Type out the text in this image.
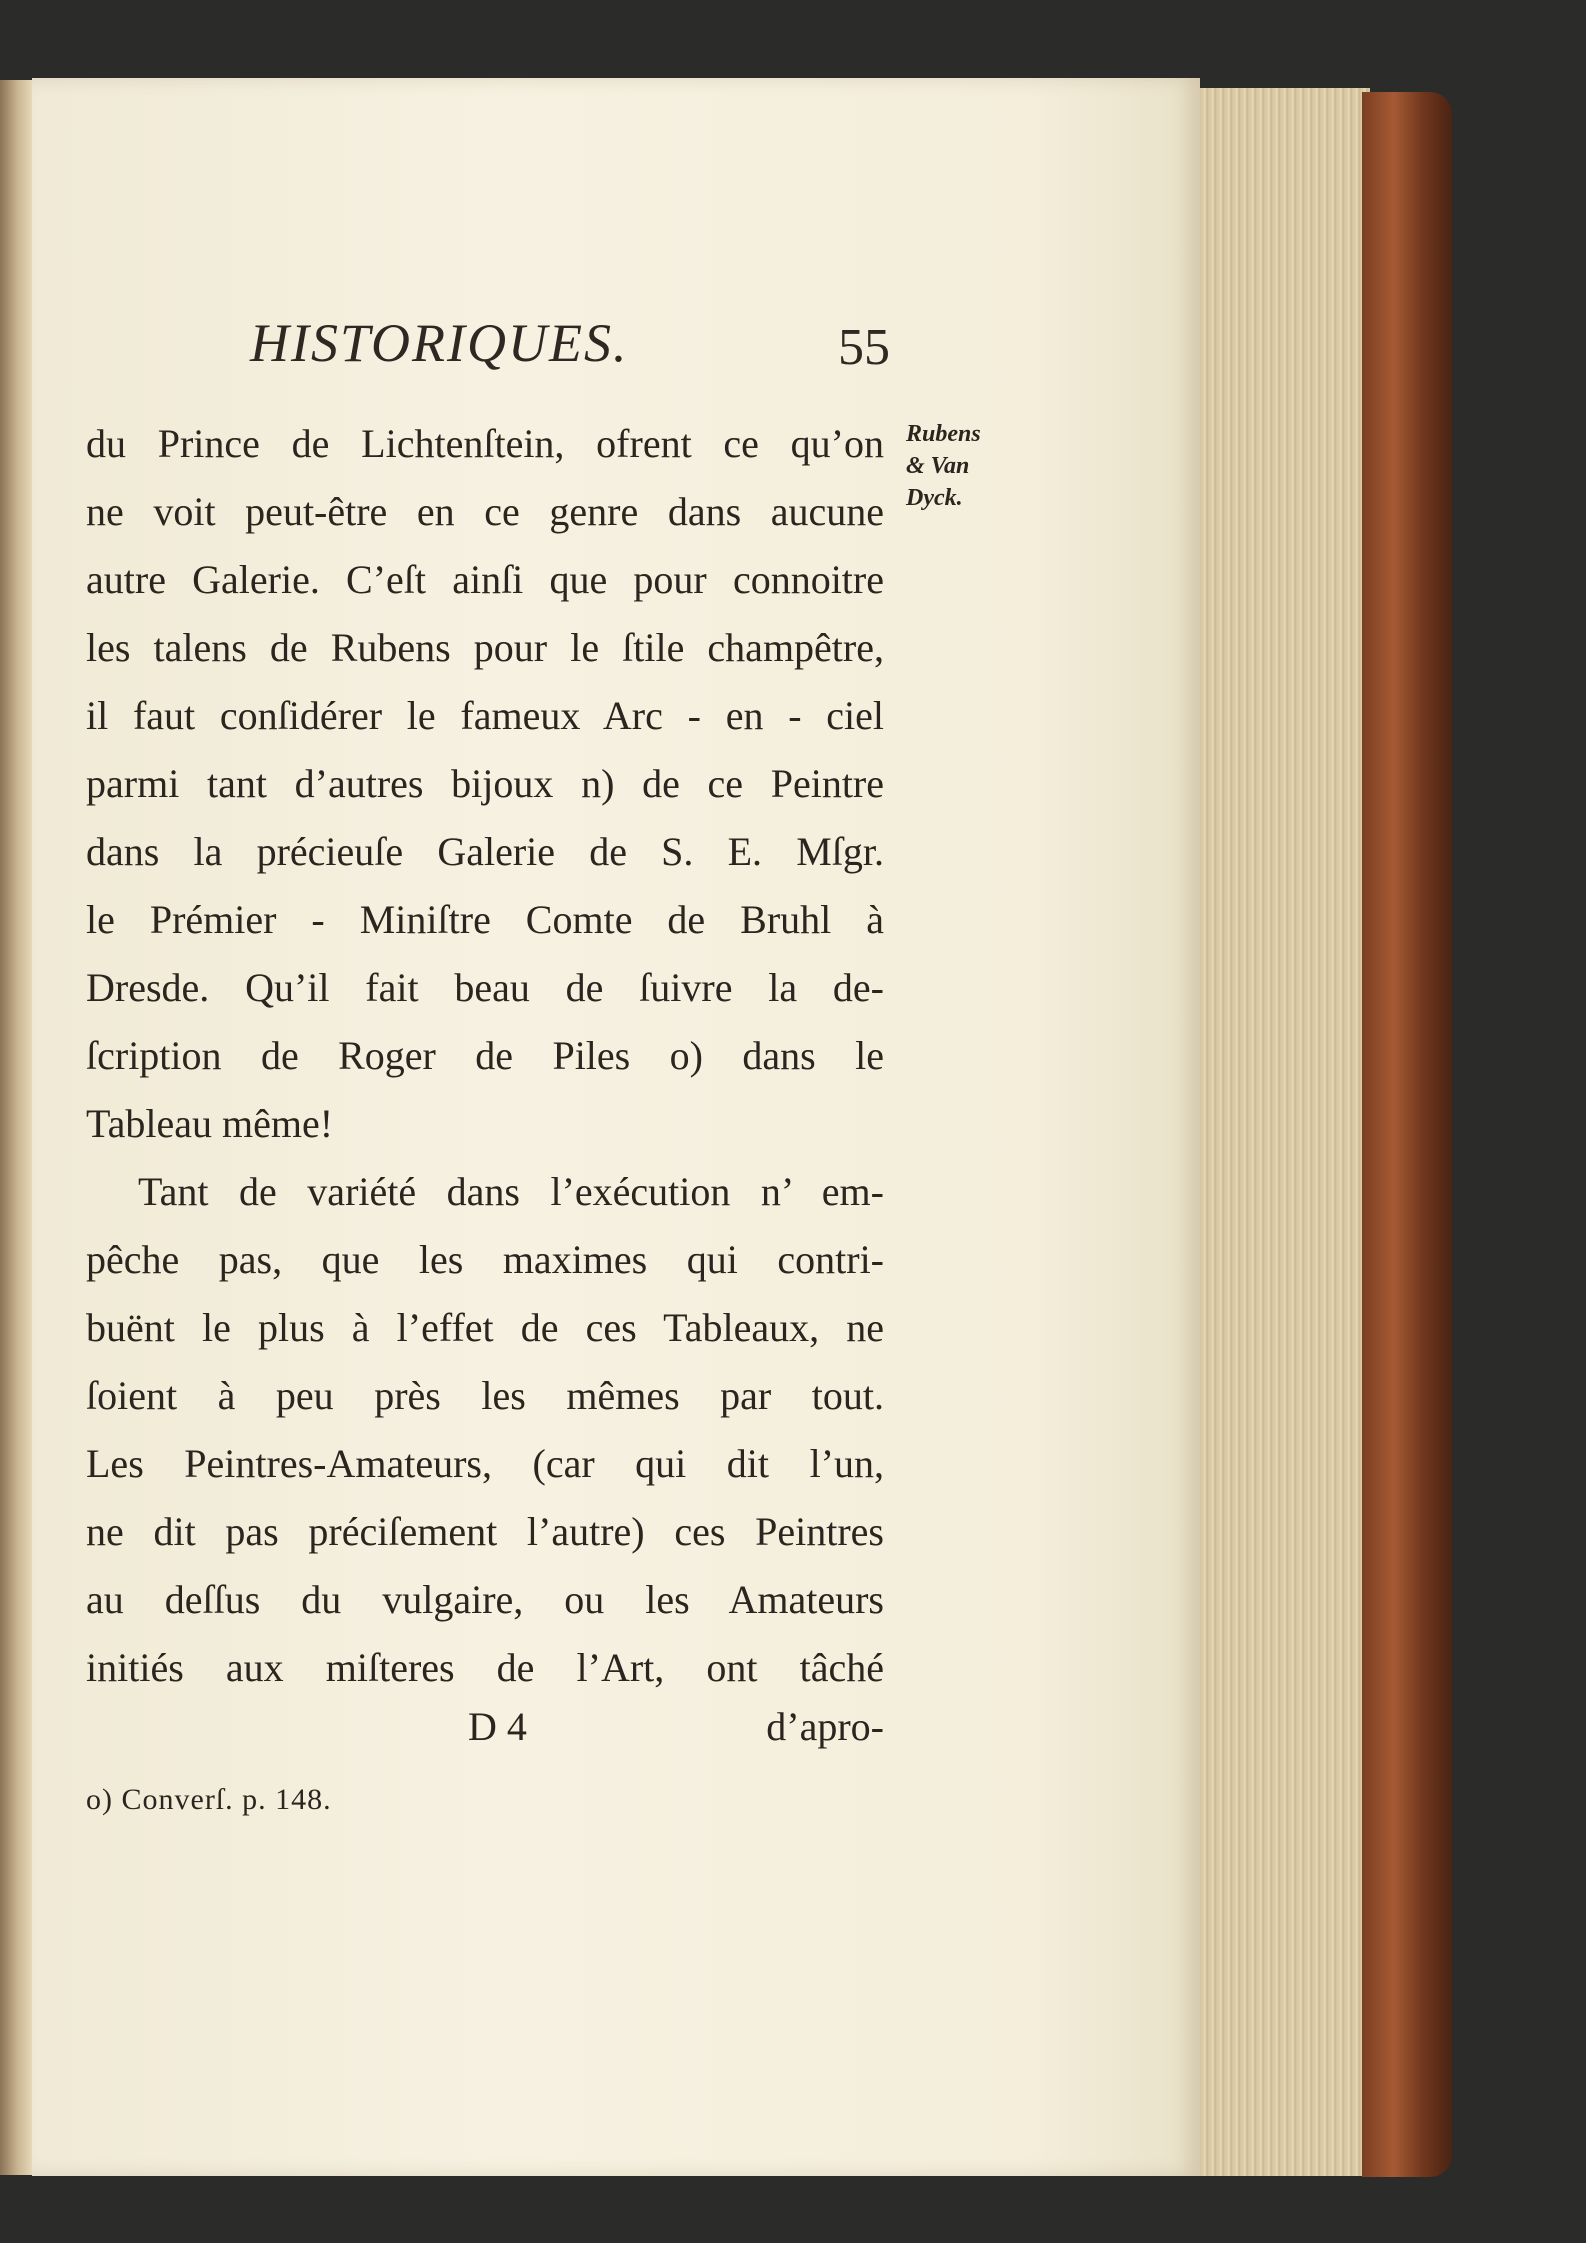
HISTORIQUES.	55
Rubens
& Van
Dyck.
du Prince de Lichtenſtein, ofrent ce qu’on
ne voit peut-être en ce genre dans aucune
autre Galerie. C’eſt ainſi que pour connoitre
les talens de Rubens pour le ſtile champêtre,
il faut conſidérer le fameux Arc - en - ciel
parmi tant d’autres bijoux n) de ce Peintre
dans la précieuſe Galerie de S. E. Mſgr.
le Prémier - Miniſtre Comte de Bruhl à
Dresde. Qu’il fait beau de ſuivre la de-
ſcription de Roger de Piles o) dans le
Tableau même!
Tant de variété dans l’exécution n’ em-
pêche pas, que les maximes qui contri-
buënt le plus à l’effet de ces Tableaux, ne
ſoient à peu près les mêmes par tout.
Les Peintres-Amateurs, (car qui dit l’un,
ne dit pas préciſement l’autre) ces Peintres
au deſſus du vulgaire, ou les Amateurs
initiés aux miſteres de l’Art, ont tâché
D 4	d’apro-
o) Converſ. p. 148.
